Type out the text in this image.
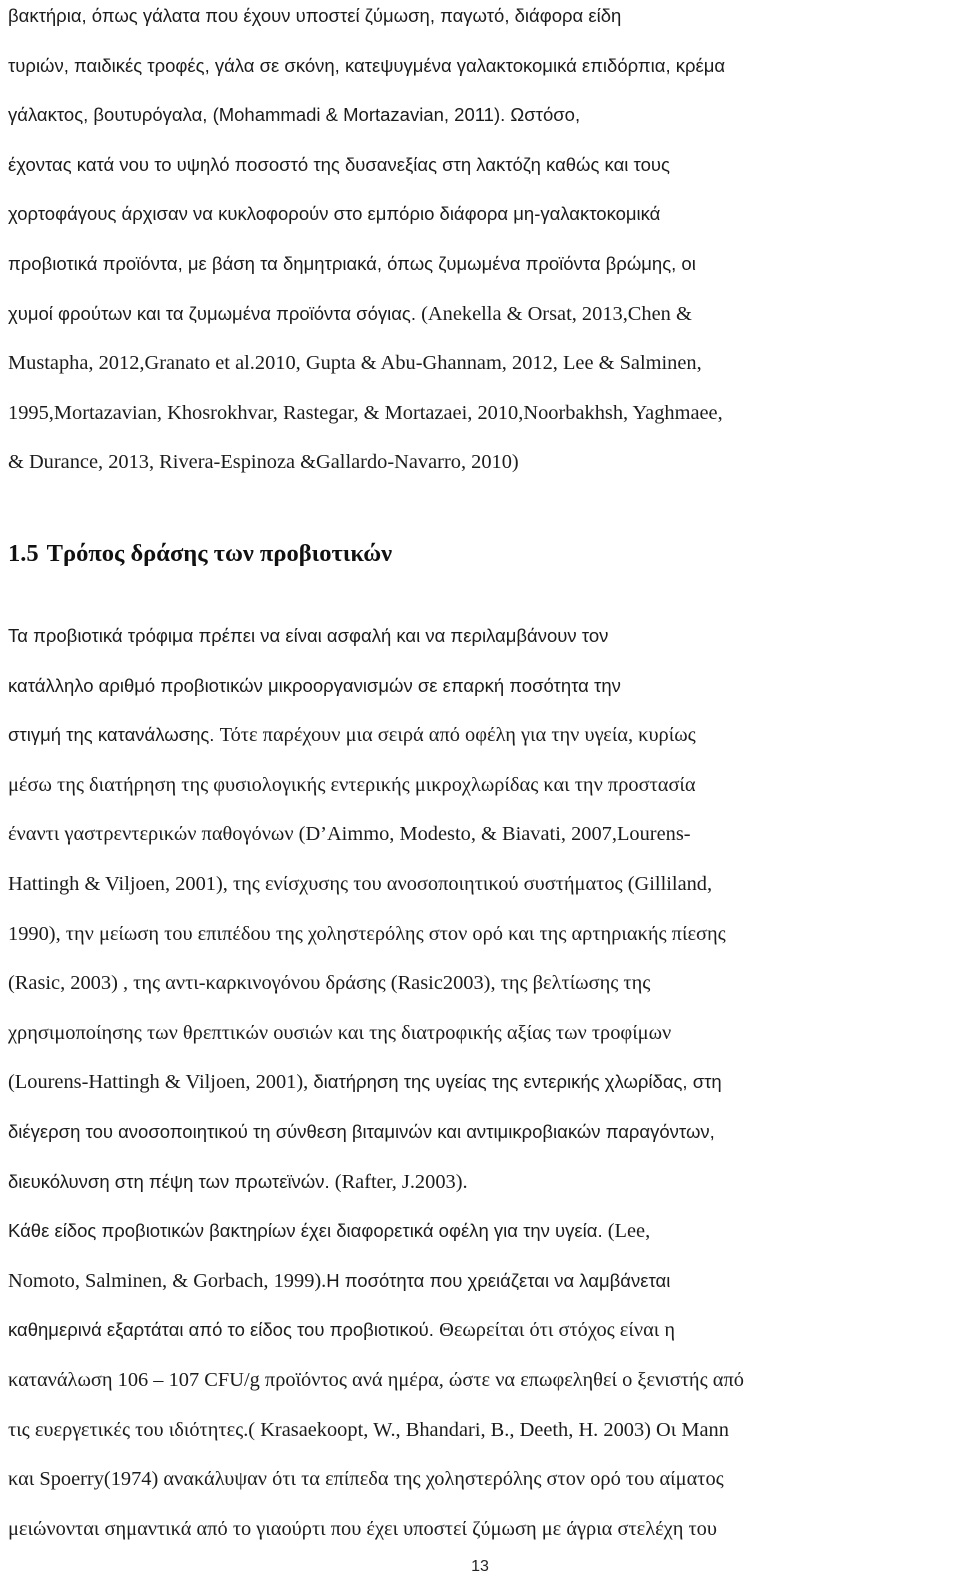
βακτήρια, όπως γάλατα που έχουν υποστεί ζύμωση, παγωτό, διάφορα είδη
τυριών, παιδικές τροφές, γάλα σε σκόνη, κατεψυγμένα γαλακτοκομικά επιδόρπια, κρέμα
γάλακτος, βουτυρόγαλα, (Mohammadi & Mortazavian, 2011). Ωστόσο,
έχοντας κατά νου το υψηλό ποσοστό της δυσανεξίας στη λακτόζη καθώς και τους
χορτοφάγους άρχισαν να κυκλοφορούν στο εμπόριο διάφορα μη-γαλακτοκομικά
προβιοτικά προϊόντα, με βάση τα δημητριακά, όπως ζυμωμένα προϊόντα βρώμης, οι
χυμοί φρούτων και τα ζυμωμένα προϊόντα σόγιας. (Anekella & Orsat, 2013,Chen &
Mustapha, 2012,Granato et al.2010, Gupta & Abu-Ghannam, 2012, Lee & Salminen,
1995,Mortazavian, Khosrokhvar, Rastegar, & Mortazaei, 2010,Noorbakhsh, Yaghmaee,
& Durance, 2013, Rivera-Espinoza &Gallardo-Navarro, 2010)
1.5 Τρόπος δράσης των προβιοτικών
Τα προβιοτικά τρόφιμα πρέπει να είναι ασφαλή και να περιλαμβάνουν τον
κατάλληλο αριθμό προβιοτικών μικροοργανισμών σε επαρκή ποσότητα την
στιγμή της κατανάλωσης. Τότε παρέχουν μια σειρά από οφέλη για την υγεία, κυρίως
μέσω της διατήρηση της φυσιολογικής εντερικής μικροχλωρίδας και την προστασία
έναντι γαστρεντερικών παθογόνων (D’Aimmo, Modesto, & Biavati, 2007,Lourens-
Hattingh & Viljoen, 2001), της ενίσχυσης του ανοσοποιητικού συστήματος (Gilliland,
1990), την μείωση του επιπέδου της χοληστερόλης στον ορό και της αρτηριακής πίεσης
(Rasic, 2003) , της αντι-καρκινογόνου δράσης (Rasic2003), της βελτίωσης της
χρησιμοποίησης των θρεπτικών ουσιών και της διατροφικής αξίας των τροφίμων
(Lourens-Hattingh & Viljoen, 2001), διατήρηση της υγείας της εντερικής χλωρίδας, στη
διέγερση του ανοσοποιητικού τη σύνθεση βιταμινών και αντιμικροβιακών παραγόντων,
διευκόλυνση στη πέψη των πρωτεϊνών. (Rafter, J.2003).
Κάθε είδος προβιοτικών βακτηρίων έχει διαφορετικά οφέλη για την υγεία. (Lee,
Nomoto, Salminen, & Gorbach, 1999).Η ποσότητα που χρειάζεται να λαμβάνεται
καθημερινά εξαρτάται από το είδος του προβιοτικού. Θεωρείται ότι στόχος είναι η
κατανάλωση 106 – 107 CFU/g προϊόντος ανά ημέρα, ώστε να επωφεληθεί ο ξενιστής από
τις ευεργετικές του ιδιότητες.( Krasaekoopt, W., Bhandari, B., Deeth, H. 2003) Οι Mann
και Spoerry(1974) ανακάλυψαν ότι τα επίπεδα της χοληστερόλης στον ορό του αίματος
μειώνονται σημαντικά από το γιαούρτι που έχει υποστεί ζύμωση με άγρια στελέχη του
13
